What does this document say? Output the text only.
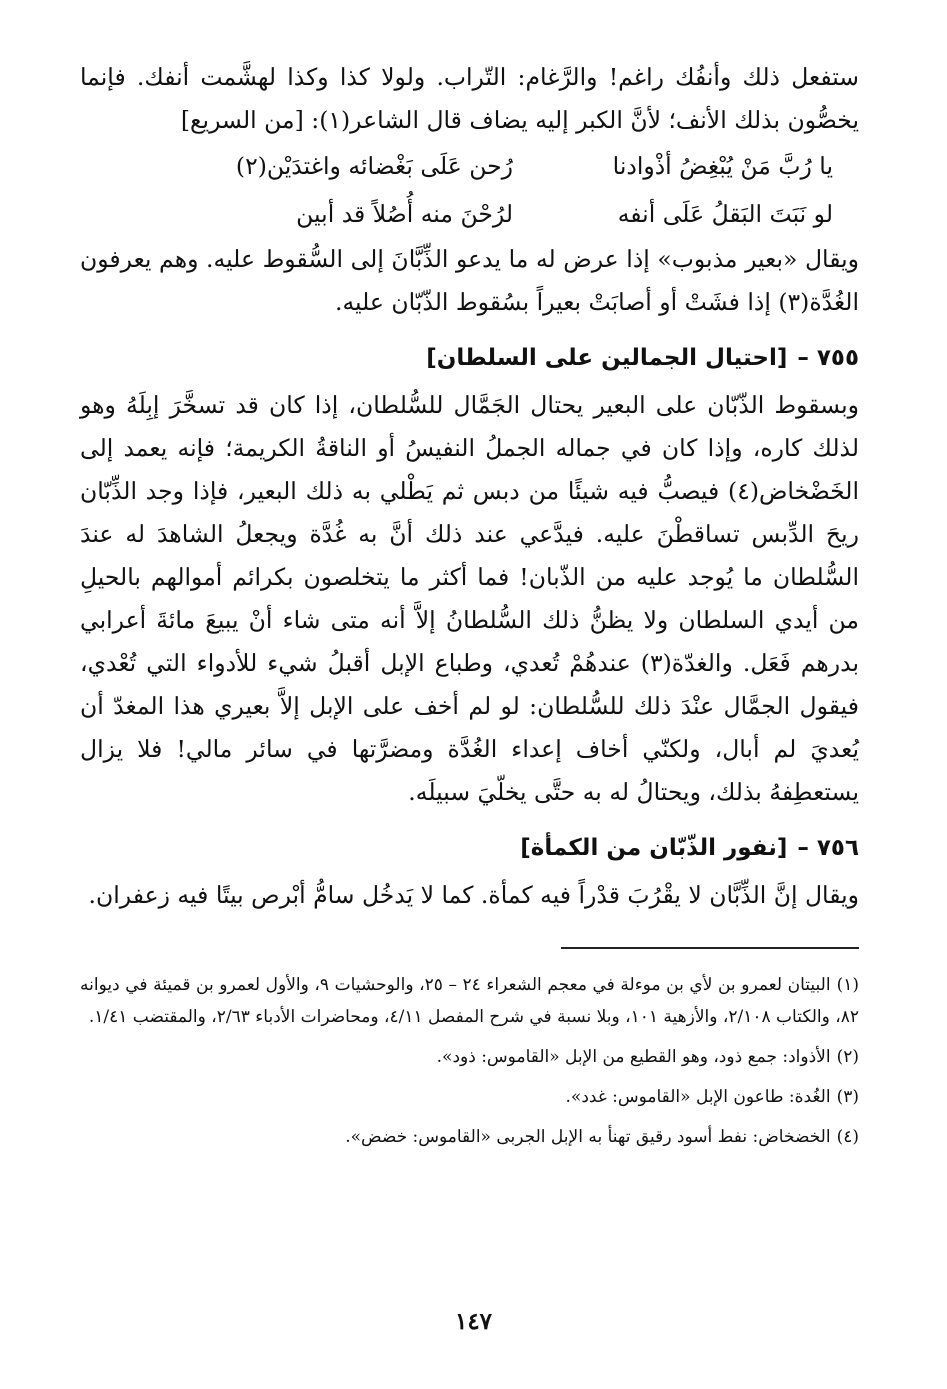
ستفعل ذلك وأنفُك راغم! والرَّغام: التّراب. ولولا كذا وكذا لهشَّمت أنفك. فإنما يخصُّون بذلك الأنف؛ لأنَّ الكبر إليه يضاف قال الشاعر(١): [من السريع]

يا رُبَّ مَنْ يُبْغِضُ أذْوادنا
رُحن عَلَى بَغْضائه واغتدَيْن(٢)
لو نَبَتَ البَقلُ عَلَى أنفه
لرُحْنَ منه أُصُلاً قد أبين

ويقال «بعير مذبوب» إذا عرض له ما يدعو الذِّبَّانَ إلى السُّقوط عليه. وهم يعرفون الغُدَّة(٣) إذا فشَتْ أو أصابَتْ بعيراً بسُقوط الذّبّان عليه.

٧٥٥ –[احتيال الجمالين على السلطان]

وبسقوط الذّبّان على البعير يحتال الجَمَّال للسُّلطان، إذا كان قد تسخَّرَ إبِلَهُ وهو لذلك كاره، وإذا كان في جماله الجملُ النفيسُ أو الناقةُ الكريمة؛ فإنه يعمد إلى الخَضْخاض(٤) فيصبُّ فيه شيئًا من دبس ثم يَطْلي به ذلك البعير، فإذا وجد الذِّبّان ريحَ الدِّبس تساقطْنَ عليه. فيدَّعي عند ذلك أنَّ به غُدَّة ويجعلُ الشاهدَ له عندَ السُّلطان ما يُوجد عليه من الذّبان! فما أكثر ما يتخلصون بكرائم أموالهم بالحيلِ من أيدي السلطان ولا يظنُّ ذلك السُّلطانُ إلاَّ أنه متى شاء أنْ يبيعَ مائةَ أعرابي بدرهم فَعَل. والغدّة(٣) عندهُمْ تُعدي، وطباع الإبل أقبلُ شيء للأدواء التي تُعْدي، فيقول الجمَّال عنْدَ ذلك للسُّلطان: لو لم أخف على الإبل إلاَّ بعيري هذا المغدّ أن يُعديَ لم أبال، ولكنّي أخاف إعداء الغُدَّة ومضرَّتها في سائر مالي! فلا يزال يستعطِفهُ بذلك، ويحتالُ له به حتَّى يخلّيَ سبيلَه.

٧٥٦ –[نفور الذّبّان من الكمأة]

ويقال إنَّ الذِّبَّان لا يقْرُبَ قدْراً فيه كمأة. كما لا يَدخُل سامُّ أبْرص بيتًا فيه زعفران.

(١)البيتان لعمرو بن لأي بن موءلة في معجم الشعراء ٢٤ – ٢٥، والوحشيات ٩، والأول لعمرو بن قميئة في ديوانه ٨٢، والكتاب ٢/١٠٨، والأزهية ١٠١، وبلا نسبة في شرح المفصل ٤/١١، ومحاضرات الأدباء ٢/٦٣، والمقتضب ١/٤١.

(٢)الأذواد: جمع ذود، وهو القطيع من الإبل «القاموس: ذود».

(٣)الغُدة: طاعون الإبل «القاموس: غدد».

(٤)الخضخاض: نفط أسود رقيق تهنأ به الإبل الجربى «القاموس: خضض».

١٤٧
